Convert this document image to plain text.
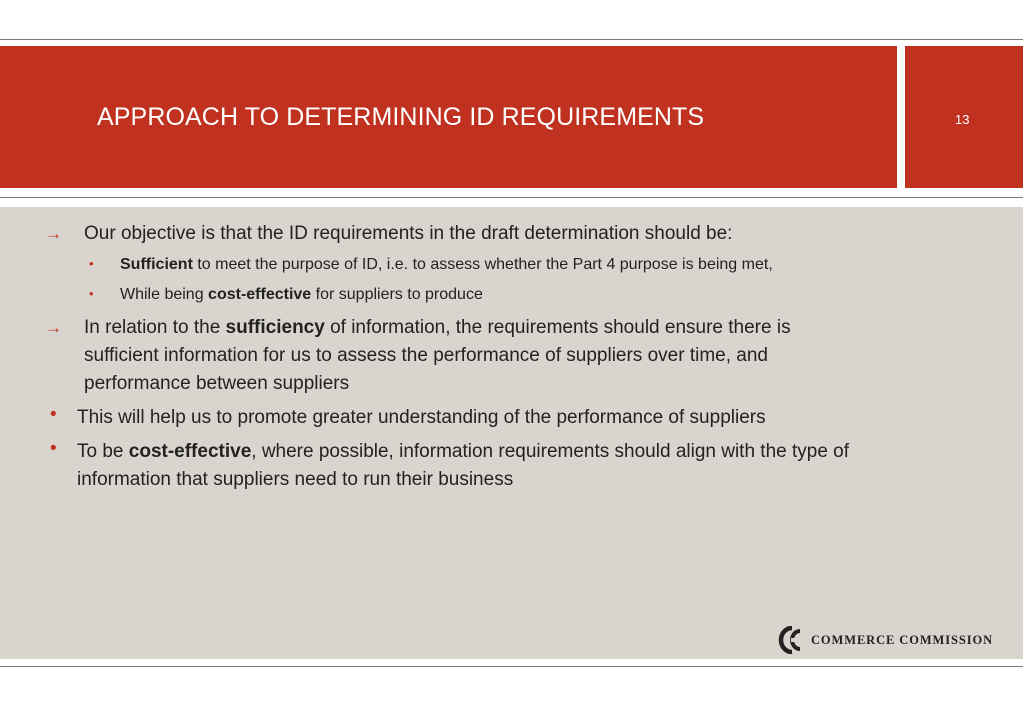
APPROACH TO DETERMINING ID REQUIREMENTS	13
→ Our objective is that the ID requirements in the draft determination should be:
• Sufficient to meet the purpose of ID, i.e. to assess whether the Part 4 purpose is being met,
• While being cost-effective for suppliers to produce
→ In relation to the sufficiency of information, the requirements should ensure there is
sufficient information for us to assess the performance of suppliers over time, and
performance between suppliers
• This will help us to promote greater understanding of the performance of suppliers
• To be cost-effective, where possible, information requirements should align with the type of
information that suppliers need to run their business
COMMERCE COMMISSION
